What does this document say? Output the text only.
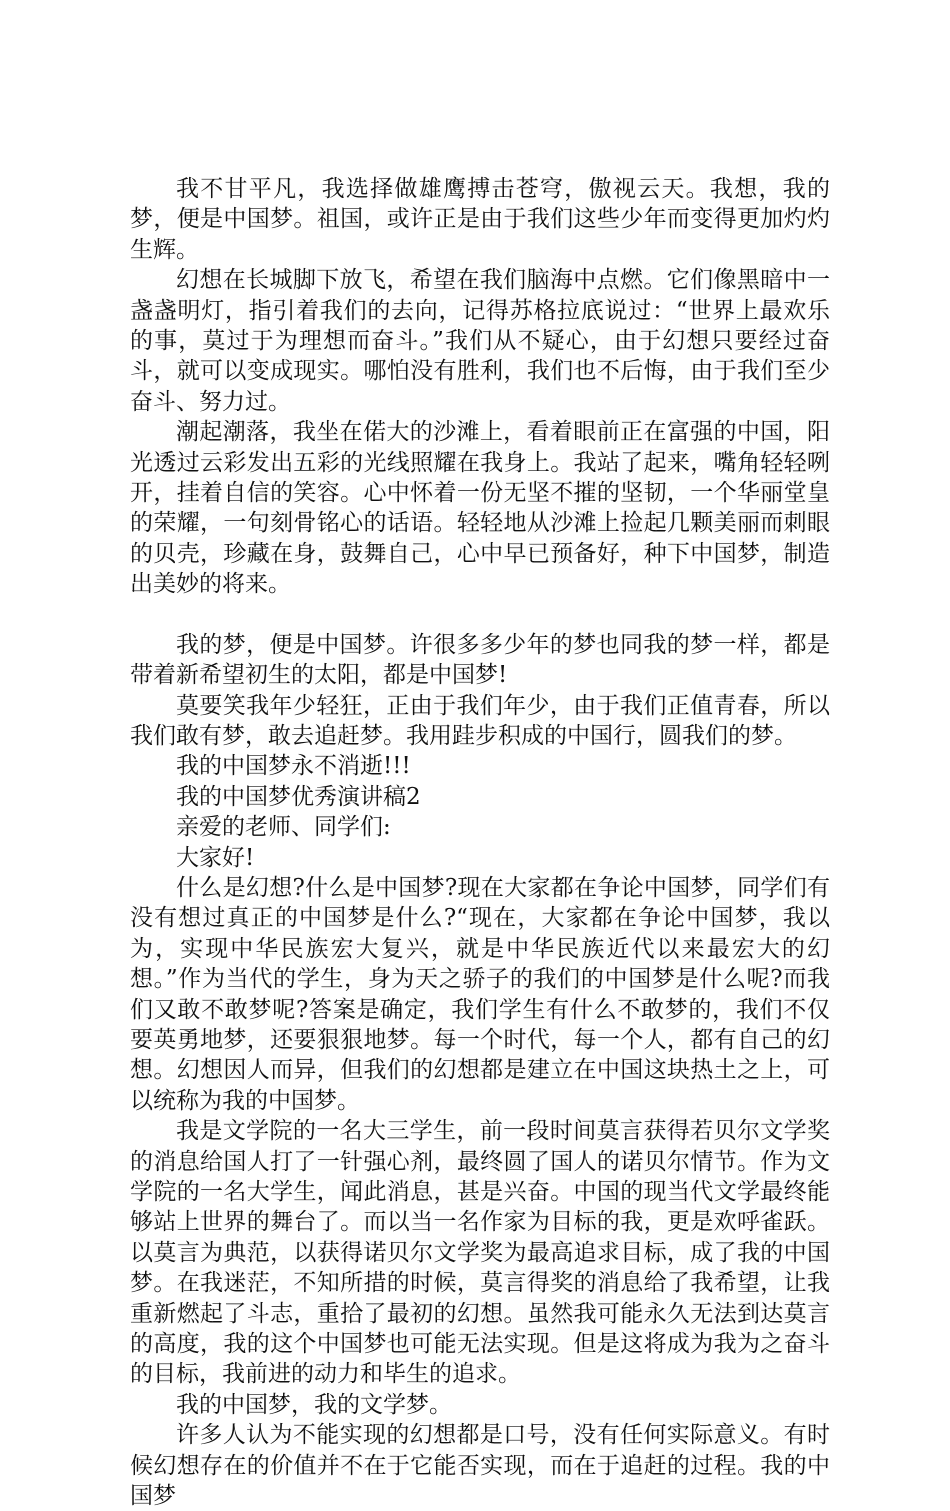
我不甘平凡，我选择做雄鹰搏击苍穹，傲视云天。我想，我的梦，便是中国梦。祖国，或许正是由于我们这些少年而变得更加灼灼生辉。

幻想在长城脚下放飞，希望在我们脑海中点燃。它们像黑暗中一盏盏明灯，指引着我们的去向，记得苏格拉底说过：“世界上最欢乐的事，莫过于为理想而奋斗。”我们从不疑心，由于幻想只要经过奋斗，就可以变成现实。哪怕没有胜利，我们也不后悔，由于我们至少奋斗、努力过。

潮起潮落，我坐在偌大的沙滩上，看着眼前正在富强的中国，阳光透过云彩发出五彩的光线照耀在我身上。我站了起来，嘴角轻轻咧开，挂着自信的笑容。心中怀着一份无坚不摧的坚韧，一个华丽堂皇的荣耀，一句刻骨铭心的话语。轻轻地从沙滩上捡起几颗美丽而刺眼的贝壳，珍藏在身，鼓舞自己，心中早已预备好，种下中国梦，制造出美妙的将来。

我的梦，便是中国梦。许很多多少年的梦也同我的梦一样，都是带着新希望初生的太阳，都是中国梦!

莫要笑我年少轻狂，正由于我们年少，由于我们正值青春，所以我们敢有梦，敢去追赶梦。我用跬步积成的中国行，圆我们的梦。

我的中国梦永不消逝!!!

我的中国梦优秀演讲稿2

亲爱的老师、同学们:

大家好!

什么是幻想?什么是中国梦?现在大家都在争论中国梦，同学们有没有想过真正的中国梦是什么?“现在，大家都在争论中国梦，我以为，实现中华民族宏大复兴，就是中华民族近代以来最宏大的幻想。”作为当代的学生，身为天之骄子的我们的中国梦是什么呢?而我们又敢不敢梦呢?答案是确定，我们学生有什么不敢梦的，我们不仅要英勇地梦，还要狠狠地梦。每一个时代，每一个人，都有自己的幻想。幻想因人而异，但我们的幻想都是建立在中国这块热土之上，可以统称为我的中国梦。

我是文学院的一名大三学生，前一段时间莫言获得若贝尔文学奖的消息给国人打了一针强心剂，最终圆了国人的诺贝尔情节。作为文学院的一名大学生，闻此消息，甚是兴奋。中国的现当代文学最终能够站上世界的舞台了。而以当一名作家为目标的我，更是欢呼雀跃。以莫言为典范，以获得诺贝尔文学奖为最高追求目标，成了我的中国梦。在我迷茫，不知所措的时候，莫言得奖的消息给了我希望，让我重新燃起了斗志，重拾了最初的幻想。虽然我可能永久无法到达莫言的高度，我的这个中国梦也可能无法实现。但是这将成为我为之奋斗的目标，我前进的动力和毕生的追求。

我的中国梦，我的文学梦。

许多人认为不能实现的幻想都是口号，没有任何实际意义。有时候幻想存在的价值并不在于它能否实现，而在于追赶的过程。我的中国梦
